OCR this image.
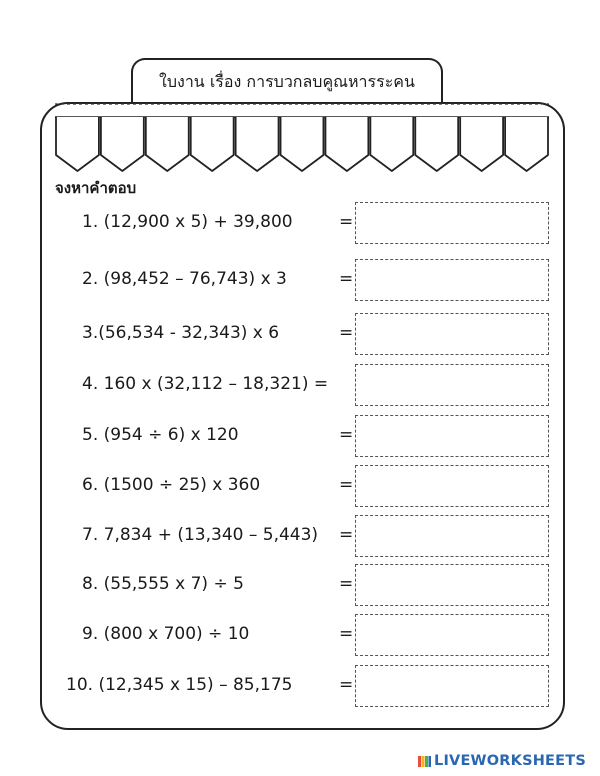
ใบงาน เรื่อง การบวกลบคูณหารระคน
จงหาคำตอบ
1. (12,900 x 5) + 39,800	=
2. (98,452 – 76,743) x 3	=
3.(56,534 - 32,343) x 6	=
4. 160 x (32,112 – 18,321) =
5. (954 ÷ 6) x 120	=
6. (1500 ÷ 25) x 360	=
7. 7,834 + (13,340 – 5,443) =
8. (55,555 x 7) ÷ 5	=
9. (800 x 700) ÷ 10	=
10. (12,345 x 15) – 85,175	=
LIVEWORKSHEETS
